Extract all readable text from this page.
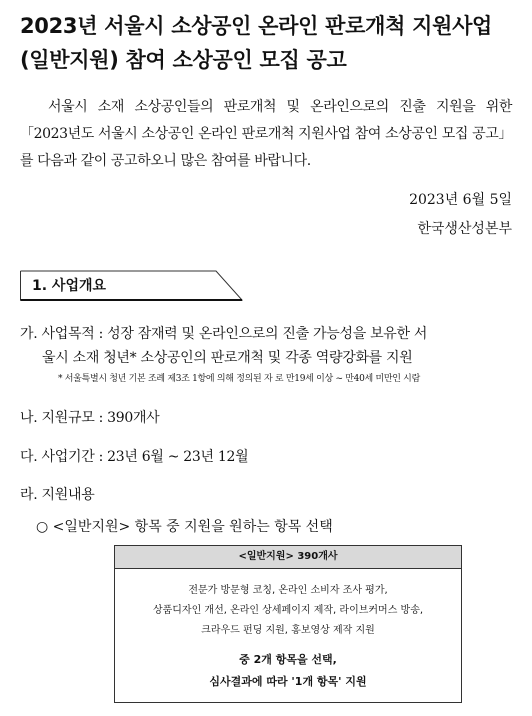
2023년 서울시 소상공인 온라인 판로개척 지원사업
(일반지원) 참여 소상공인 모집 공고
서울시 소재 소상공인들의 판로개척 및 온라인으로의 진출 지원을 위한 「2023년도 서울시 소상공인 온라인 판로개척 지원사업 참여 소상공인 모집 공고」를 다음과 같이 공고하오니 많은 참여를 바랍니다.
2023년 6월 5일
한국생산성본부
1. 사업개요
가. 사업목적 : 성장 잠재력 및 온라인으로의 진출 가능성을 보유한 서
울시 소재 청년* 소상공인의 판로개척 및 각종 역량강화를 지원
* 서울특별시 청년 기본 조례 제3조 1항에 의해 정의된 자 로 만19세 이상 ~ 만40세 미만인 시람
나. 지원규모 : 390개사
다. 사업기간 : 23년 6월 ~ 23년 12월
라. 지원내용
○ <일반지원> 항목 중 지원을 원하는 항목 선택
<일반지원> 390개사
전문가 방문형 코칭, 온라인 소비자 조사 평가,
상품디자인 개선, 온라인 상세페이지 제작, 라이브커머스 방송,
크라우드 펀딩 지원, 홍보영상 제작 지원
중 2개 항목을 선택,
심사결과에 따라 '1개 항목' 지원
